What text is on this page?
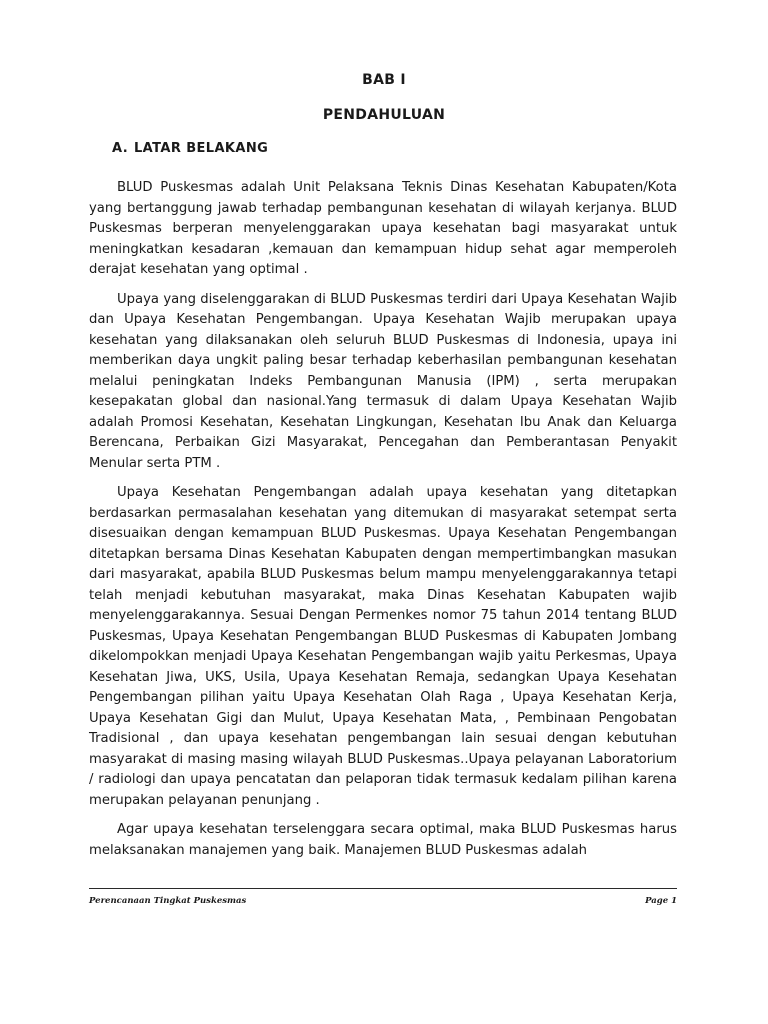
BAB I
PENDAHULUAN
A. LATAR BELAKANG

BLUD Puskesmas adalah Unit Pelaksana Teknis Dinas Kesehatan Kabupaten/Kota yang bertanggung jawab terhadap pembangunan kesehatan di wilayah kerjanya. BLUD Puskesmas berperan menyelenggarakan upaya kesehatan bagi masyarakat untuk meningkatkan kesadaran ,kemauan dan kemampuan hidup sehat agar memperoleh derajat kesehatan yang optimal .

Upaya yang diselenggarakan di BLUD Puskesmas terdiri dari Upaya Kesehatan Wajib dan Upaya Kesehatan Pengembangan. Upaya Kesehatan Wajib merupakan upaya kesehatan yang dilaksanakan oleh seluruh BLUD Puskesmas di Indonesia, upaya ini memberikan daya ungkit paling besar terhadap keberhasilan pembangunan kesehatan melalui peningkatan Indeks Pembangunan Manusia (IPM) , serta merupakan kesepakatan global dan nasional.Yang termasuk di dalam Upaya Kesehatan Wajib adalah Promosi Kesehatan, Kesehatan Lingkungan, Kesehatan Ibu Anak dan Keluarga Berencana, Perbaikan Gizi Masyarakat, Pencegahan dan Pemberantasan Penyakit Menular serta PTM .

Upaya Kesehatan Pengembangan adalah upaya kesehatan yang ditetapkan berdasarkan permasalahan kesehatan yang ditemukan di masyarakat setempat serta disesuaikan dengan kemampuan BLUD Puskesmas. Upaya Kesehatan Pengembangan ditetapkan bersama Dinas Kesehatan Kabupaten dengan mempertimbangkan masukan dari masyarakat, apabila BLUD Puskesmas belum mampu menyelenggarakannya tetapi telah menjadi kebutuhan masyarakat, maka Dinas Kesehatan Kabupaten wajib menyelenggarakannya. Sesuai Dengan Permenkes nomor 75 tahun 2014 tentang BLUD Puskesmas, Upaya Kesehatan Pengembangan BLUD Puskesmas di Kabupaten Jombang dikelompokkan menjadi Upaya Kesehatan Pengembangan wajib yaitu Perkesmas, Upaya Kesehatan Jiwa, UKS, Usila, Upaya Kesehatan Remaja, sedangkan Upaya Kesehatan Pengembangan pilihan yaitu Upaya Kesehatan Olah Raga , Upaya Kesehatan Kerja, Upaya Kesehatan Gigi dan Mulut, Upaya Kesehatan Mata, , Pembinaan Pengobatan Tradisional , dan upaya kesehatan pengembangan lain sesuai dengan kebutuhan masyarakat di masing masing wilayah BLUD Puskesmas..Upaya pelayanan Laboratorium / radiologi dan upaya pencatatan dan pelaporan tidak termasuk kedalam pilihan karena merupakan pelayanan penunjang .

Agar upaya kesehatan terselenggara secara optimal, maka BLUD Puskesmas harus melaksanakan manajemen yang baik. Manajemen BLUD Puskesmas adalah

Perencanaan Tingkat Puskesmas	Page 1
